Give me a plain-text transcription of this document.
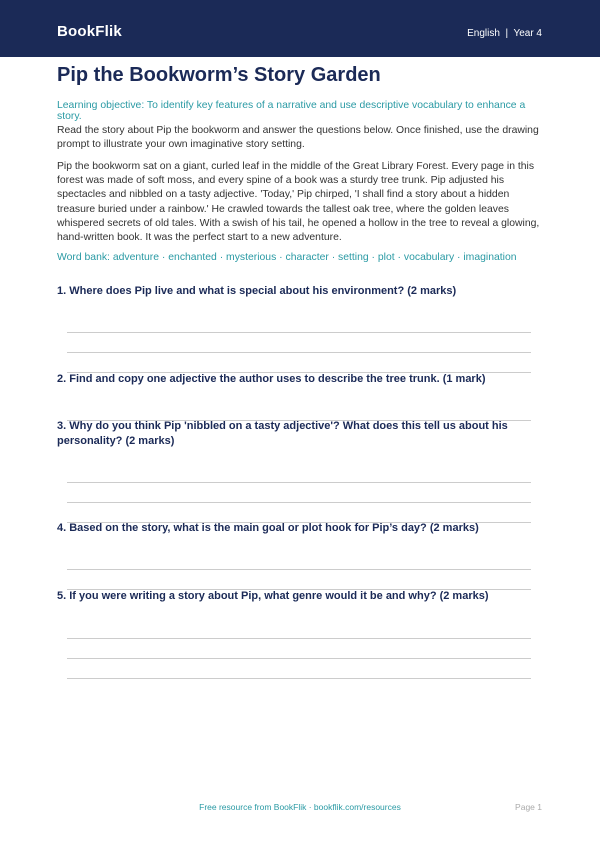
BookFlik	English  |  Year 4
Pip the Bookworm’s Story Garden
Learning objective: To identify key features of a narrative and use descriptive vocabulary to enhance a story.

Read the story about Pip the bookworm and answer the questions below. Once finished, use the drawing prompt to illustrate your own imaginative story setting.

Pip the bookworm sat on a giant, curled leaf in the middle of the Great Library Forest. Every page in this forest was made of soft moss, and every spine of a book was a sturdy tree trunk. Pip adjusted his spectacles and nibbled on a tasty adjective. 'Today,' Pip chirped, 'I shall find a story about a hidden treasure buried under a rainbow.' He crawled towards the tallest oak tree, where the golden leaves whispered secrets of old tales. With a swish of his tail, he opened a hollow in the tree to reveal a glowing, hand-written book. It was the perfect start to a new adventure.

Word bank: adventure · enchanted · mysterious · character · setting · plot · vocabulary · imagination

1. Where does Pip live and what is special about his environment? (2 marks)

2. Find and copy one adjective the author uses to describe the tree trunk. (1 mark)

3. Why do you think Pip 'nibbled on a tasty adjective'? What does this tell us about his personality? (2 marks)

4. Based on the story, what is the main goal or plot hook for Pip’s day? (2 marks)

5. If you were writing a story about Pip, what genre would it be and why? (2 marks)

Free resource from BookFlik · bookflik.com/resources	Page 1
